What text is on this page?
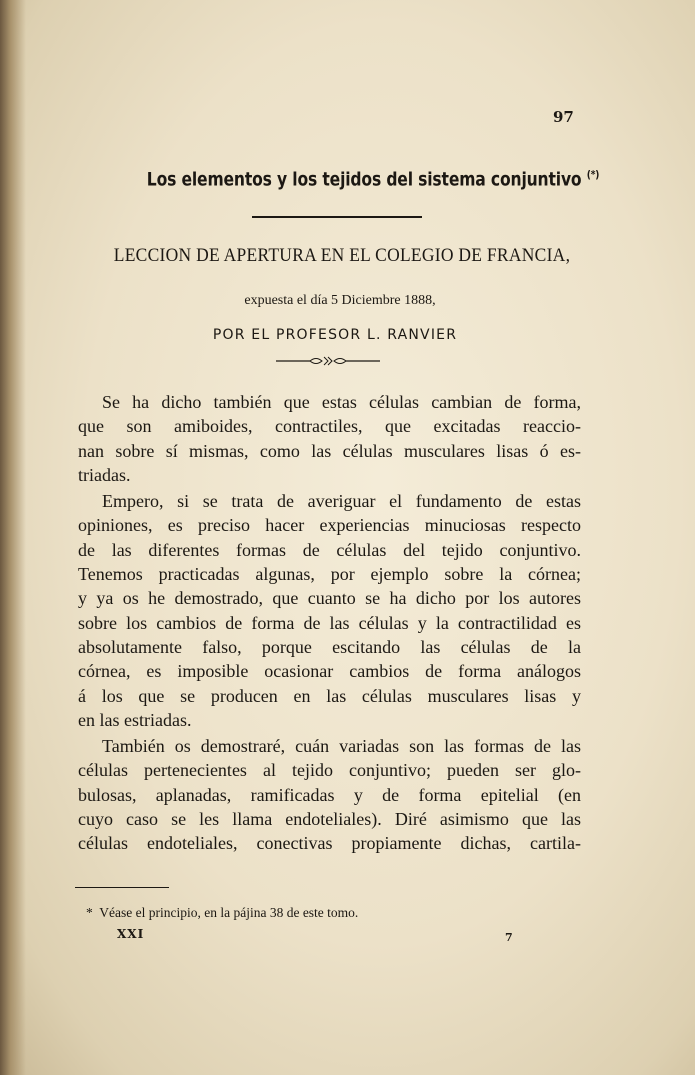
97
Los elementos y los tejidos del sistema conjuntivo (*)
LECCION DE APERTURA EN EL COLEGIO DE FRANCIA,
expuesta el día 5 Diciembre 1888,
POR EL PROFESOR L. RANVIER
Se ha dicho también que estas células cambian de forma,
que son amiboides, contractiles, que excitadas reaccio-
nan sobre sí mismas, como las células musculares lisas ó es-
triadas.
Empero, si se trata de averiguar el fundamento de estas
opiniones, es preciso hacer experiencias minuciosas respecto
de las diferentes formas de células del tejido conjuntivo.
Tenemos practicadas algunas, por ejemplo sobre la córnea;
y ya os he demostrado, que cuanto se ha dicho por los autores
sobre los cambios de forma de las células y la contractilidad es
absolutamente falso, porque escitando las células de la
córnea, es imposible ocasionar cambios de forma análogos
á los que se producen en las células musculares lisas y
en las estriadas.
También os demostraré, cuán variadas son las formas de las
células pertenecientes al tejido conjuntivo; pueden ser glo-
bulosas, aplanadas, ramificadas y de forma epitelial (en
cuyo caso se les llama endoteliales). Diré asimismo que las
células endoteliales, conectivas propiamente dichas, cartila-
* Véase el principio, en la pájina 38 de este tomo.
XXI	7
